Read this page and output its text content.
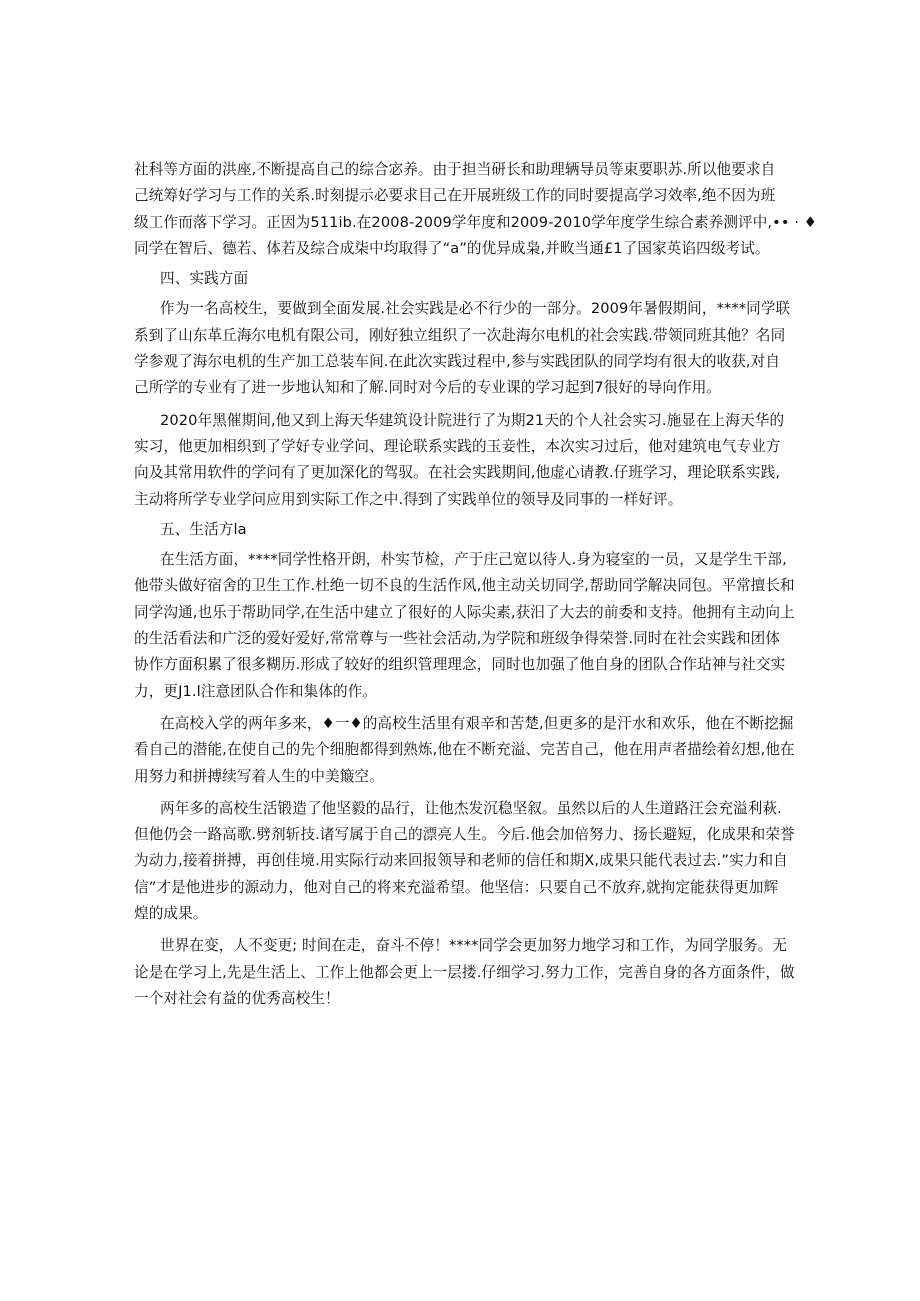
社科等方面的洪座,不断提高自己的综合宓养。由于担当研长和助理辆导员等束要职苏.所以他要求自
己统筹好学习与工作的关系.时刻提示必要求目己在开展班级工作的同时要提高学习效率,绝不因为班
级工作而落下学习。正因为511ib.在2008-2009学年度和2009-2010学年度学生综合素养测评中,•• · ♦
同学在智后、德若、体若及综合成柒中均取得了“a”的优异成枭,并畋当通£1了国家英谄四级考试。
四、实践方面
作为一名高校生，要做到全面发展.社会实践是必不行少的一部分。2009年暑假期间，****同学联
系到了山东革丘海尔电机有限公司，刚好独立组织了一次赴海尔电机的社会实践.带领同班其他？名同
学参观了海尔电机的生产加工总装车间.在此次实践过程中,参与实践团队的同学均有很大的收获,对自
己所学的专业有了进一步地认知和了解.同时对今后的专业课的学习起到7很好的导向作用。
2020年黑催期间,他又到上海天华建筑设计院进行了为期21天的个人社会实习.施显在上海天华的
实习，他更加相织到了学好专业学问、理论联系实践的玉妾性，本次实习过后，他对建筑电气专业方
向及其常用软件的学问有了更加深化的驾驭。在社会实践期间,他虚心请教.仔班学习，理论联系实践,
主动将所学专业学问应用到实际工作之中.得到了实践单位的领导及同事的一样好评。
五、生活方la
在生活方面，****同学性格开朗，朴实节检，产于庄己宽以待人.身为寝室的一员，又是学生干部,
他带头做好宿舍的卫生工作.杜绝一切不良的生活作风,他主动关切同学,帮助同学解决同包。平常擅长和
同学沟通,也乐于帮助同学,在生活中建立了很好的人际尖素,获汨了大去的前委和支持。他拥有主动向上
的生活看法和广泛的爱好爱好,常常尊与一些社会活动,为学院和班级争得荣誉.同时在社会实践和团体
协作方面积累了很多糊历.形成了较好的组织管理理念，同时也加强了他自身的团队合作玷神与社交实
力，更J1.l注意团队合作和集体的作。
在高校入学的两年多来，♦一♦的高校生活里有艰辛和苦楚,但更多的是汗水和欢乐，他在不断挖掘
看自己的潜能,在使自己的先个细胞都得到熟炼,他在不断充溢、完苦自己，他在用声者描绘着幻想,他在
用努力和拼搏续写着人生的中美簸空。
两年多的高校生活锻造了他坚毅的品行，让他杰发沉稳坚叙。虽然以后的人生道路汪会充溢利萩.
但他仍会一路高歌.劈剂斩技.诸写属于自己的漂亮人生。今后.他会加倍努力、扬长避短，化成果和荣誉
为动力,接着拼搏，再创佳境.用实际行动来回报领导和老师的信任和期X,成果只能代表过去.”实力和自
信”才是他进步的源动力，他对自己的将来充溢希望。他坚信：只要自己不放弃,就拘定能获得更加辉
煌的成果。
世界在变，人不变更; 时间在走，奋斗不停！****同学会更加努力地学习和工作，为同学服务。无
论是在学习上,先是生活上、工作上他都会更上一层搂.仔细学习.努力工作，完善自身的各方面条件，做
一个对社会有益的优秀高校生！
